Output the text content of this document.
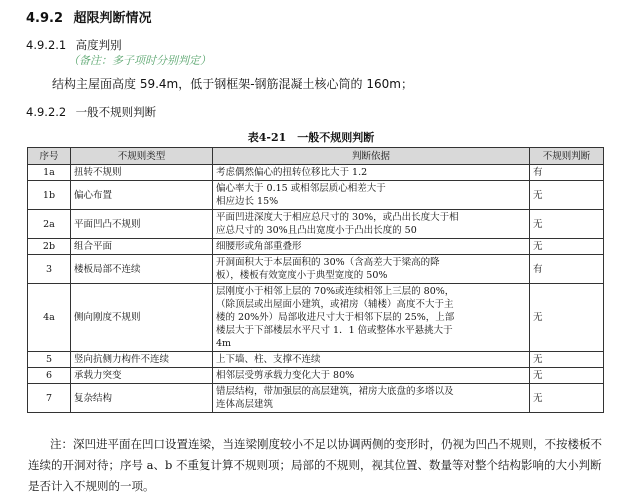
4.9.2 超限判断情况
4.9.2.1 高度判别
（备注：多子项时分别判定）
结构主屋面高度 59.4m，低于钢框架-钢筋混凝土核心筒的 160m；
4.9.2.2 一般不规则判断
表4-21　一般不规则判断
序号	不规则类型	判断依据	不规则判断
1a	扭转不规则	考虑偶然偏心的扭转位移比大于 1.2	有
1b	偏心布置	偏心率大于 0.15 或相邻层质心相差大于
相应边长 15%	无
2a	平面凹凸不规则	平面凹进深度大于相应总尺寸的 30%，或凸出长度大于相
应总尺寸的 30%且凸出宽度小于凸出长度的 50	无
2b	组合平面	细腰形或角部重叠形	无
3	楼板局部不连续	开洞面积大于本层面积的 30%（含高差大于梁高的降
板），楼板有效宽度小于典型宽度的 50%	有
4a	侧向刚度不规则	层刚度小于相邻上层的 70%或连续相邻上三层的 80%，
（除顶层或出屋面小建筑，或裙房（辅楼）高度不大于主
楼的 20%外）局部收进尺寸大于相邻下层的 25%，上部
楼层大于下部楼层水平尺寸 1．1 倍或整体水平悬挑大于
4m	无
5	竖向抗侧力构件不连续	上下墙、柱、支撑不连续	无
6	承载力突变	相邻层受剪承载力变化大于 80%	无
7	复杂结构	错层结构，带加强层的高层建筑，裙房大底盘的多塔以及
连体高层建筑	无
注：深凹进平面在凹口设置连梁，当连梁刚度较小不足以协调两侧的变形时，仍视为凹凸不规则，不按楼板不连续的开洞对待；序号 a、b 不重复计算不规则项；局部的不规则，视其位置、数量等对整个结构影响的大小判断是否计入不规则的一项。
